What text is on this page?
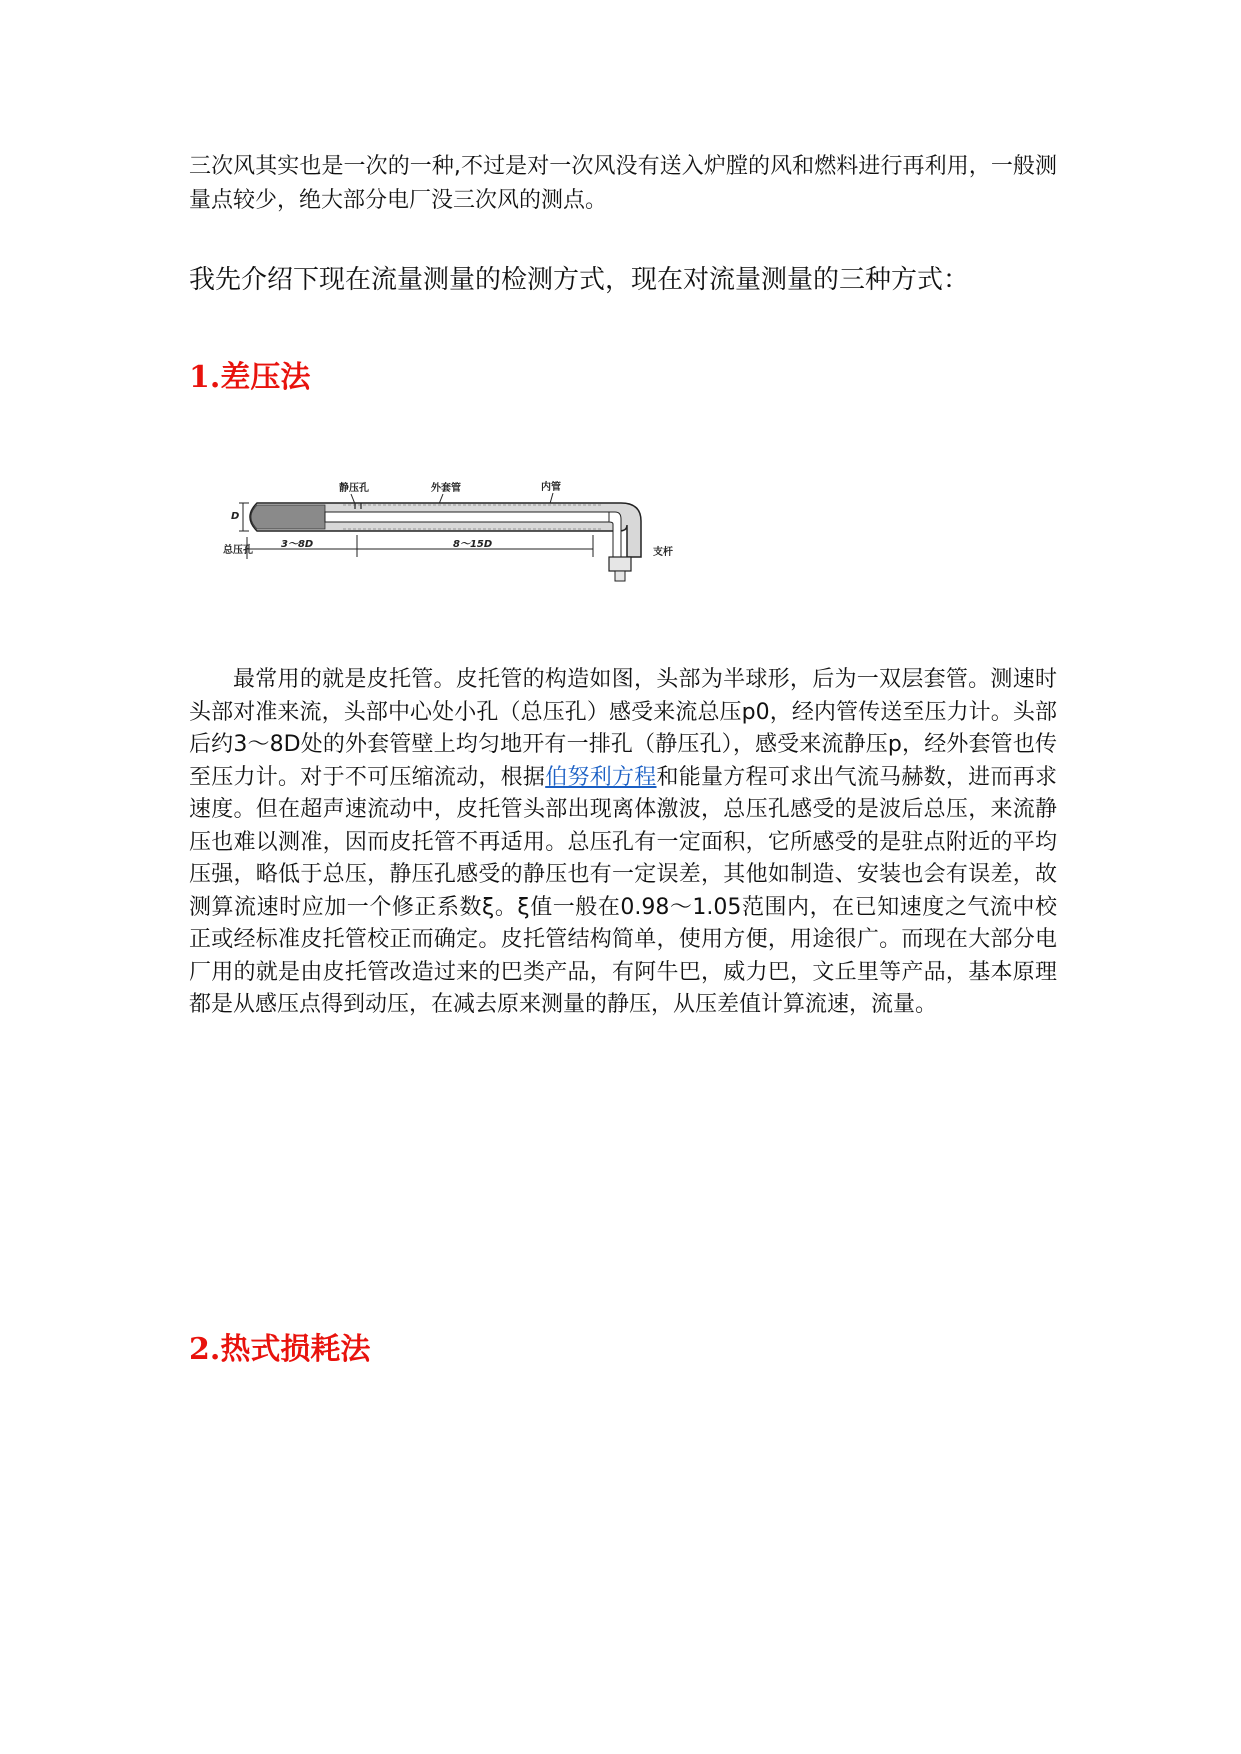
三次风其实也是一次的一种,不过是对一次风没有送入炉膛的风和燃料进行再利用，一般测量点较少，绝大部分电厂没三次风的测点。

我先介绍下现在流量测量的检测方式，现在对流量测量的三种方式：

1.差压法
静压孔	外套管	内管
D
3～8D	8～15D
总压孔	支杆

最常用的就是皮托管。皮托管的构造如图，头部为半球形，后为一双层套管。测速时头部对准来流，头部中心处小孔（总压孔）感受来流总压p0，经内管传送至压力计。头部后约3～8D处的外套管壁上均匀地开有一排孔（静压孔），感受来流静压p，经外套管也传至压力计。对于不可压缩流动，根据伯努利方程和能量方程可求出气流马赫数，进而再求速度。但在超声速流动中，皮托管头部出现离体激波，总压孔感受的是波后总压，来流静压也难以测准，因而皮托管不再适用。总压孔有一定面积，它所感受的是驻点附近的平均压强，略低于总压，静压孔感受的静压也有一定误差，其他如制造、安装也会有误差，故测算流速时应加一个修正系数ξ。ξ值一般在0.98～1.05范围内，在已知速度之气流中校正或经标准皮托管校正而确定。皮托管结构简单，使用方便，用途很广。而现在大部分电厂用的就是由皮托管改造过来的巴类产品，有阿牛巴，威力巴，文丘里等产品，基本原理都是从感压点得到动压，在减去原来测量的静压，从压差值计算流速，流量。

2.热式损耗法
